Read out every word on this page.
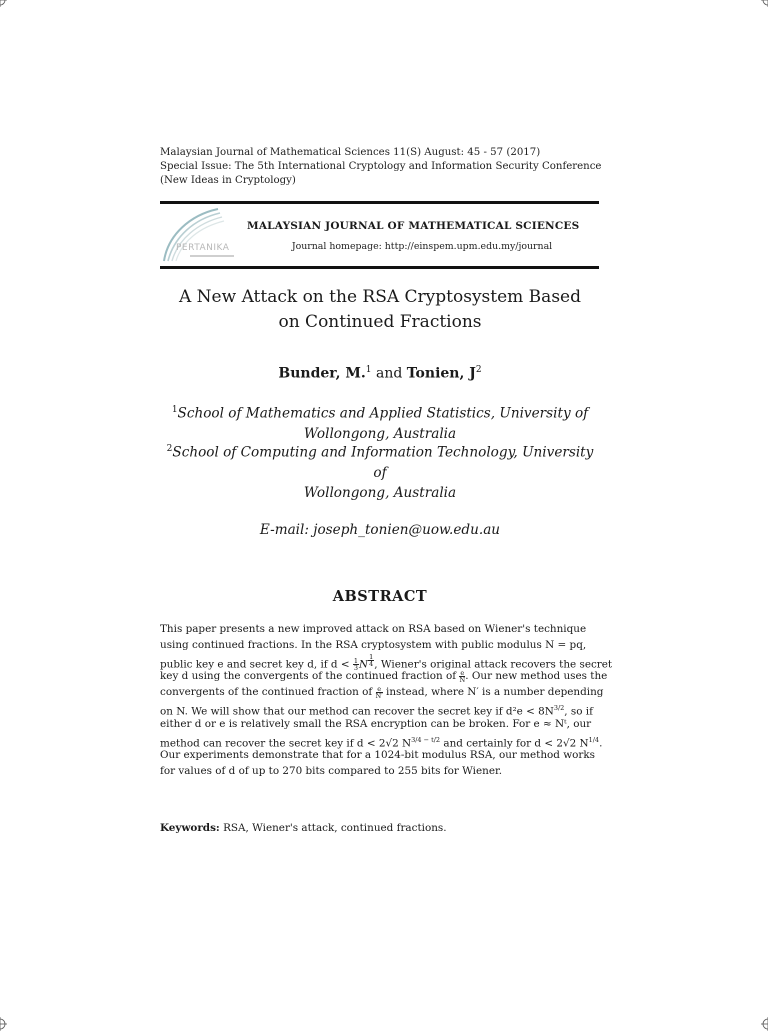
Malaysian Journal of Mathematical Sciences 11(S) August: 45 - 57 (2017)
Special Issue: The 5th International Cryptology and Information Security Conference (New Ideas in Cryptology)
PERTANIKA
MALAYSIAN JOURNAL OF MATHEMATICAL SCIENCES
Journal homepage: http://einspem.upm.edu.my/journal
A New Attack on the RSA Cryptosystem Based
on Continued Fractions
Bunder, M.$^1$ and Tonien, $J^2$
$^1$School of Mathematics and Applied Statistics, University of
Wollongong, Australia
$^2$School of Computing and Information Technology, University of
Wollongong, Australia
E-mail: joseph_tonien@uow.edu.au
ABSTRACT
This paper presents a new improved attack on RSA based on Wiener's technique
using continued fractions. In the RSA cryptosystem with public modulus N = pq,
public key e and secret key d, if $d < \frac{1}{3}$ N $^{\frac{1}{4}}$ , Wiener's original attack recovers the secret
key d using the convergents of the continued fraction of $\frac{e}{N}$ . Our new method uses the
convergents of the continued fraction of $\frac{e}{N'}$ instead, where N′ is a number depending
on N. We will show that our method can recover the secret key if $d^2e < 8N^{3/2}$, so if
either d or e is relatively small the RSA encryption can be broken. For e ≈ Nᵗ, our
method can recover the secret key if d < 2√2 $N^{3/4 - t/2}$ and certainly for d < 2√2 $N^{1/4}$.
Our experiments demonstrate that for a 1024-bit modulus RSA, our method works
for values of d of up to 270 bits compared to 255 bits for Wiener.
Keywords: RSA, Wiener's attack, continued fractions.
